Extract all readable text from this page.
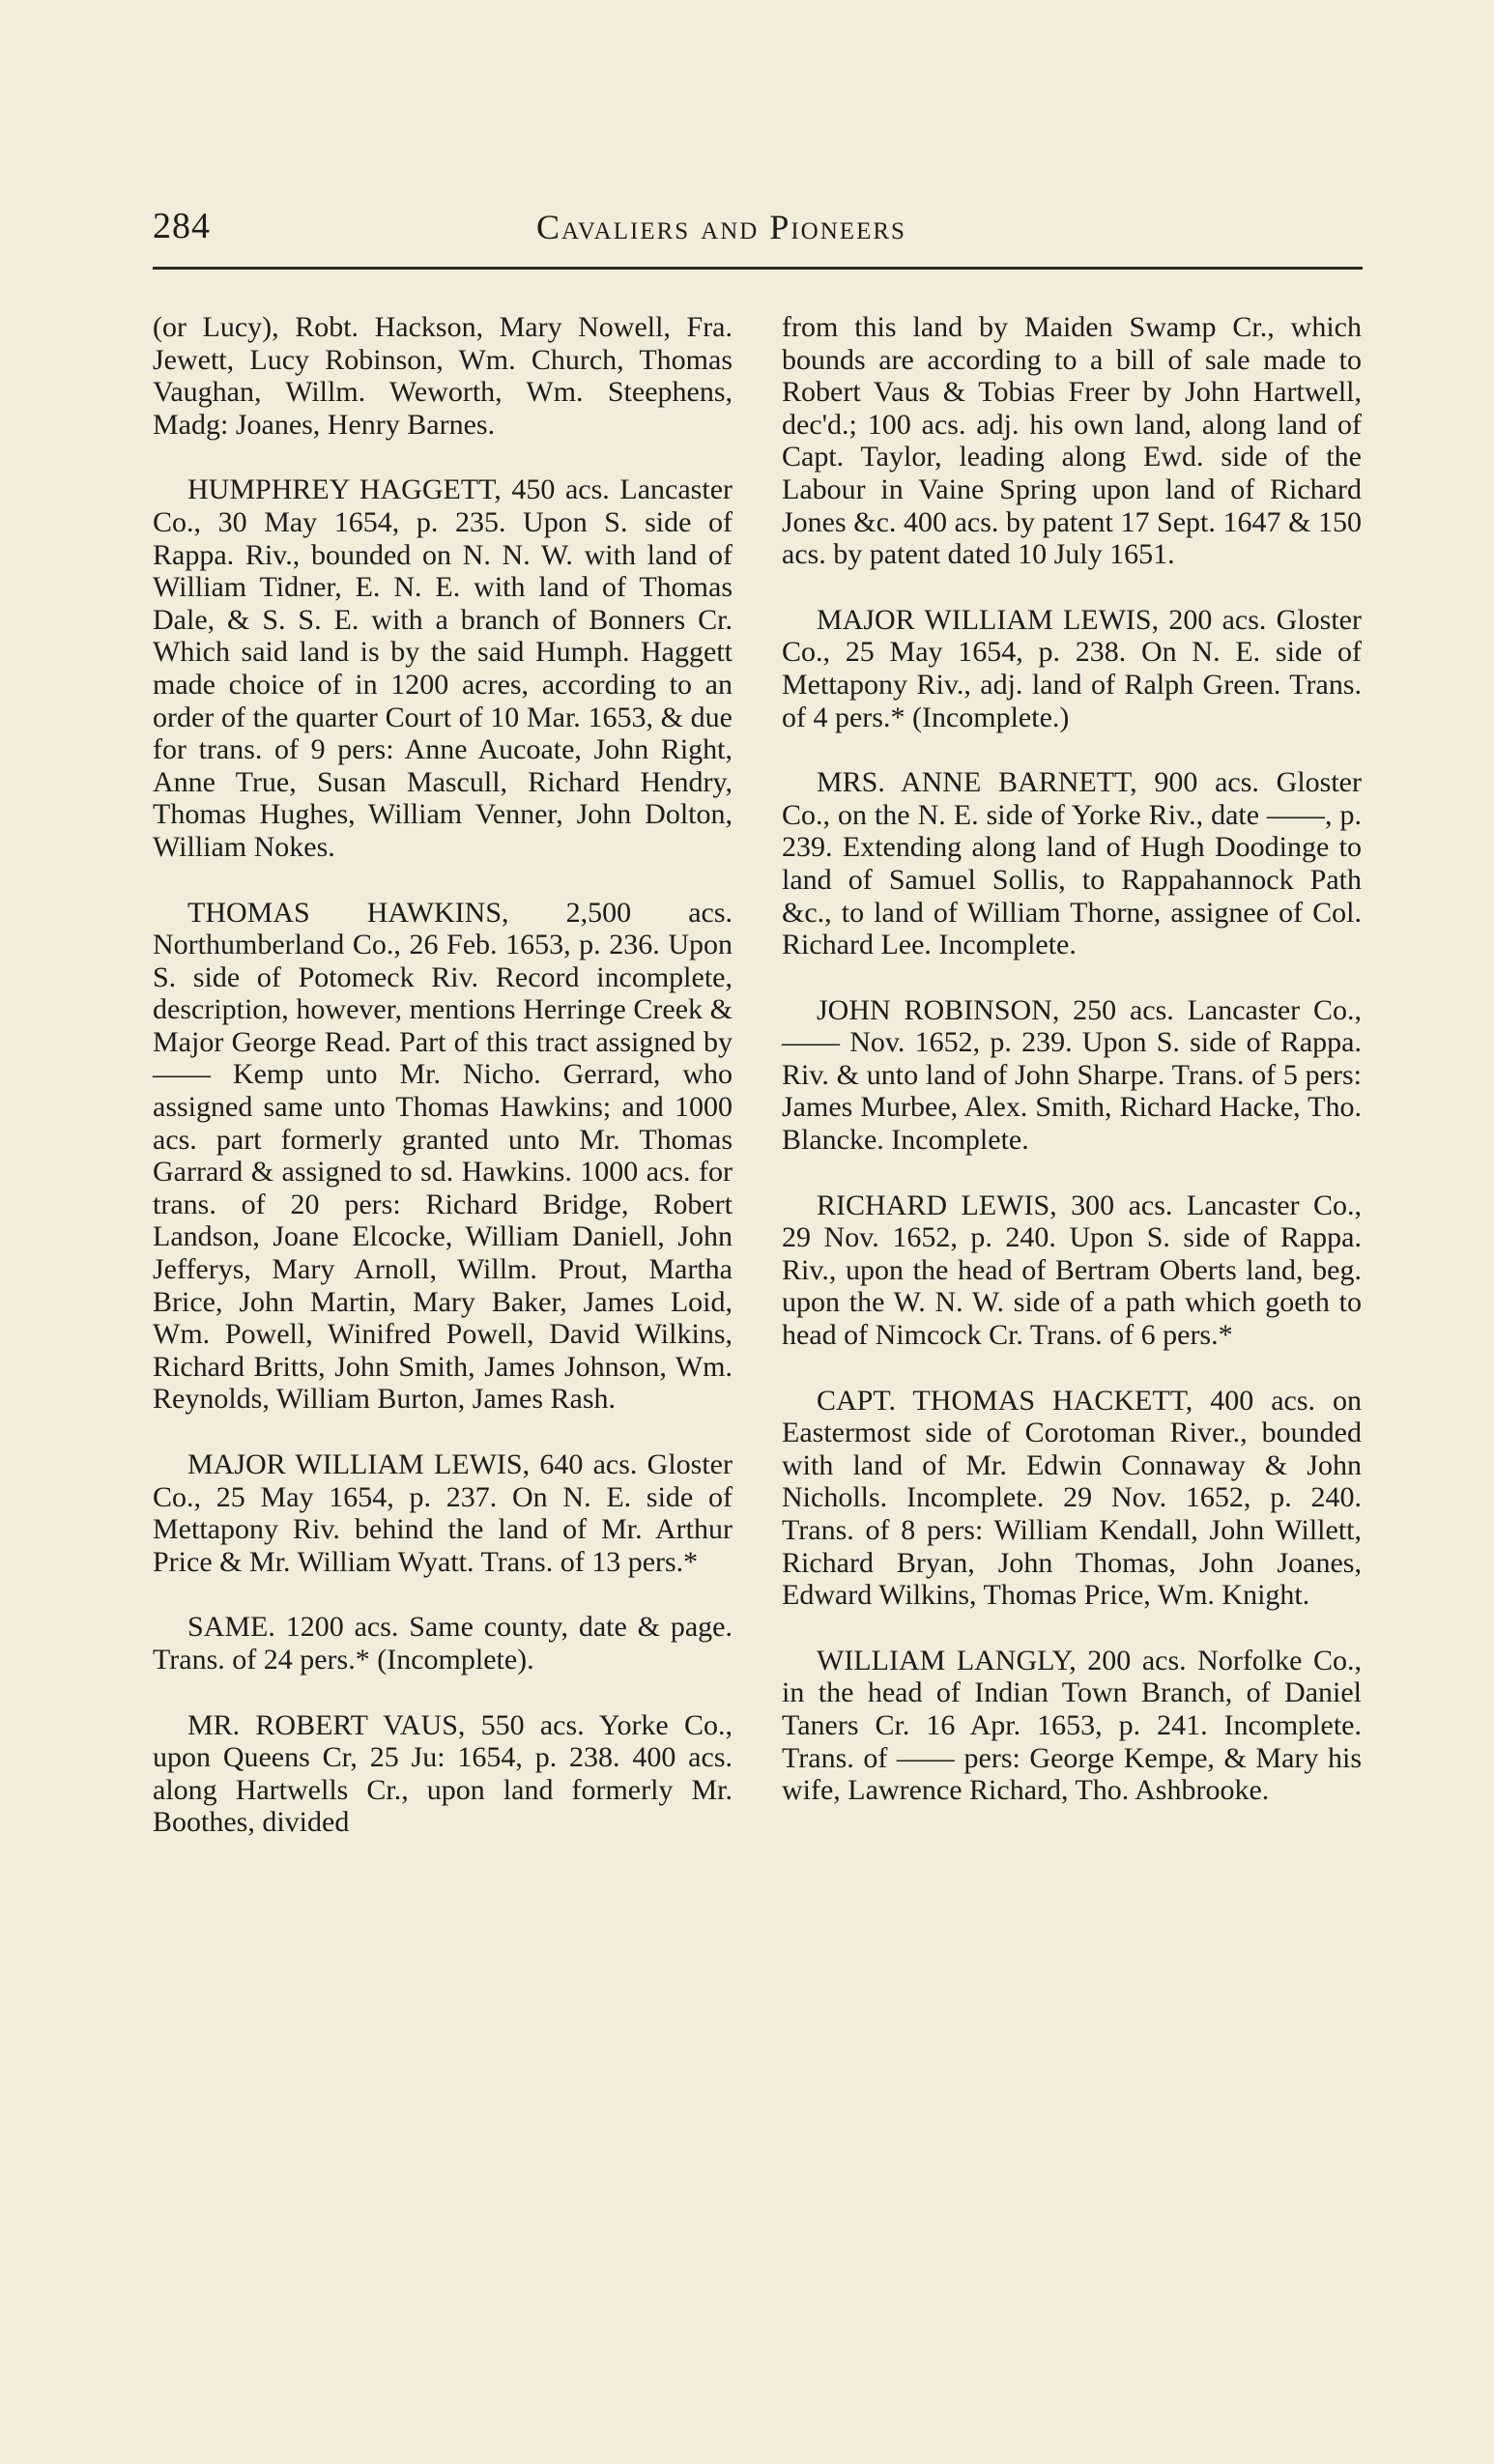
284	Cavaliers and Pioneers

(or Lucy), Robt. Hackson, Mary Nowell, Fra. Jewett, Lucy Robinson, Wm. Church, Thomas Vaughan, Willm. Weworth, Wm. Steephens, Madg: Joanes, Henry Barnes.

HUMPHREY HAGGETT, 450 acs. Lancaster Co., 30 May 1654, p. 235. Upon S. side of Rappa. Riv., bounded on N. N. W. with land of William Tidner, E. N. E. with land of Thomas Dale, & S. S. E. with a branch of Bonners Cr. Which said land is by the said Humph. Haggett made choice of in 1200 acres, according to an order of the quarter Court of 10 Mar. 1653, & due for trans. of 9 pers: Anne Aucoate, John Right, Anne True, Susan Mascull, Richard Hendry, Thomas Hughes, William Venner, John Dolton, William Nokes.

THOMAS HAWKINS, 2,500 acs. Northumberland Co., 26 Feb. 1653, p. 236. Upon S. side of Potomeck Riv. Record incomplete, description, however, mentions Herringe Creek & Major George Read. Part of this tract assigned by —— Kemp unto Mr. Nicho. Gerrard, who assigned same unto Thomas Hawkins; and 1000 acs. part formerly granted unto Mr. Thomas Garrard & assigned to sd. Hawkins. 1000 acs. for trans. of 20 pers: Richard Bridge, Robert Landson, Joane Elcocke, William Daniell, John Jefferys, Mary Arnoll, Willm. Prout, Martha Brice, John Martin, Mary Baker, James Loid, Wm. Powell, Winifred Powell, David Wilkins, Richard Britts, John Smith, James Johnson, Wm. Reynolds, William Burton, James Rash.

MAJOR WILLIAM LEWIS, 640 acs. Gloster Co., 25 May 1654, p. 237. On N. E. side of Mettapony Riv. behind the land of Mr. Arthur Price & Mr. William Wyatt. Trans. of 13 pers.*

SAME. 1200 acs. Same county, date & page. Trans. of 24 pers.* (Incomplete).

MR. ROBERT VAUS, 550 acs. Yorke Co., upon Queens Cr, 25 Ju: 1654, p. 238. 400 acs. along Hartwells Cr., upon land formerly Mr. Boothes, divided

from this land by Maiden Swamp Cr., which bounds are according to a bill of sale made to Robert Vaus & Tobias Freer by John Hartwell, dec'd.; 100 acs. adj. his own land, along land of Capt. Taylor, leading along Ewd. side of the Labour in Vaine Spring upon land of Richard Jones &c. 400 acs. by patent 17 Sept. 1647 & 150 acs. by patent dated 10 July 1651.

MAJOR WILLIAM LEWIS, 200 acs. Gloster Co., 25 May 1654, p. 238. On N. E. side of Mettapony Riv., adj. land of Ralph Green. Trans. of 4 pers.* (Incomplete.)

MRS. ANNE BARNETT, 900 acs. Gloster Co., on the N. E. side of Yorke Riv., date ——, p. 239. Extending along land of Hugh Doodinge to land of Samuel Sollis, to Rappahannock Path &c., to land of William Thorne, assignee of Col. Richard Lee. Incomplete.

JOHN ROBINSON, 250 acs. Lancaster Co., —— Nov. 1652, p. 239. Upon S. side of Rappa. Riv. & unto land of John Sharpe. Trans. of 5 pers: James Murbee, Alex. Smith, Richard Hacke, Tho. Blancke. Incomplete.

RICHARD LEWIS, 300 acs. Lancaster Co., 29 Nov. 1652, p. 240. Upon S. side of Rappa. Riv., upon the head of Bertram Oberts land, beg. upon the W. N. W. side of a path which goeth to head of Nimcock Cr. Trans. of 6 pers.*

CAPT. THOMAS HACKETT, 400 acs. on Eastermost side of Corotoman River., bounded with land of Mr. Edwin Connaway & John Nicholls. Incomplete. 29 Nov. 1652, p. 240. Trans. of 8 pers: William Kendall, John Willett, Richard Bryan, John Thomas, John Joanes, Edward Wilkins, Thomas Price, Wm. Knight.

WILLIAM LANGLY, 200 acs. Norfolke Co., in the head of Indian Town Branch, of Daniel Taners Cr. 16 Apr. 1653, p. 241. Incomplete. Trans. of —— pers: George Kempe, & Mary his wife, Lawrence Richard, Tho. Ashbrooke.
